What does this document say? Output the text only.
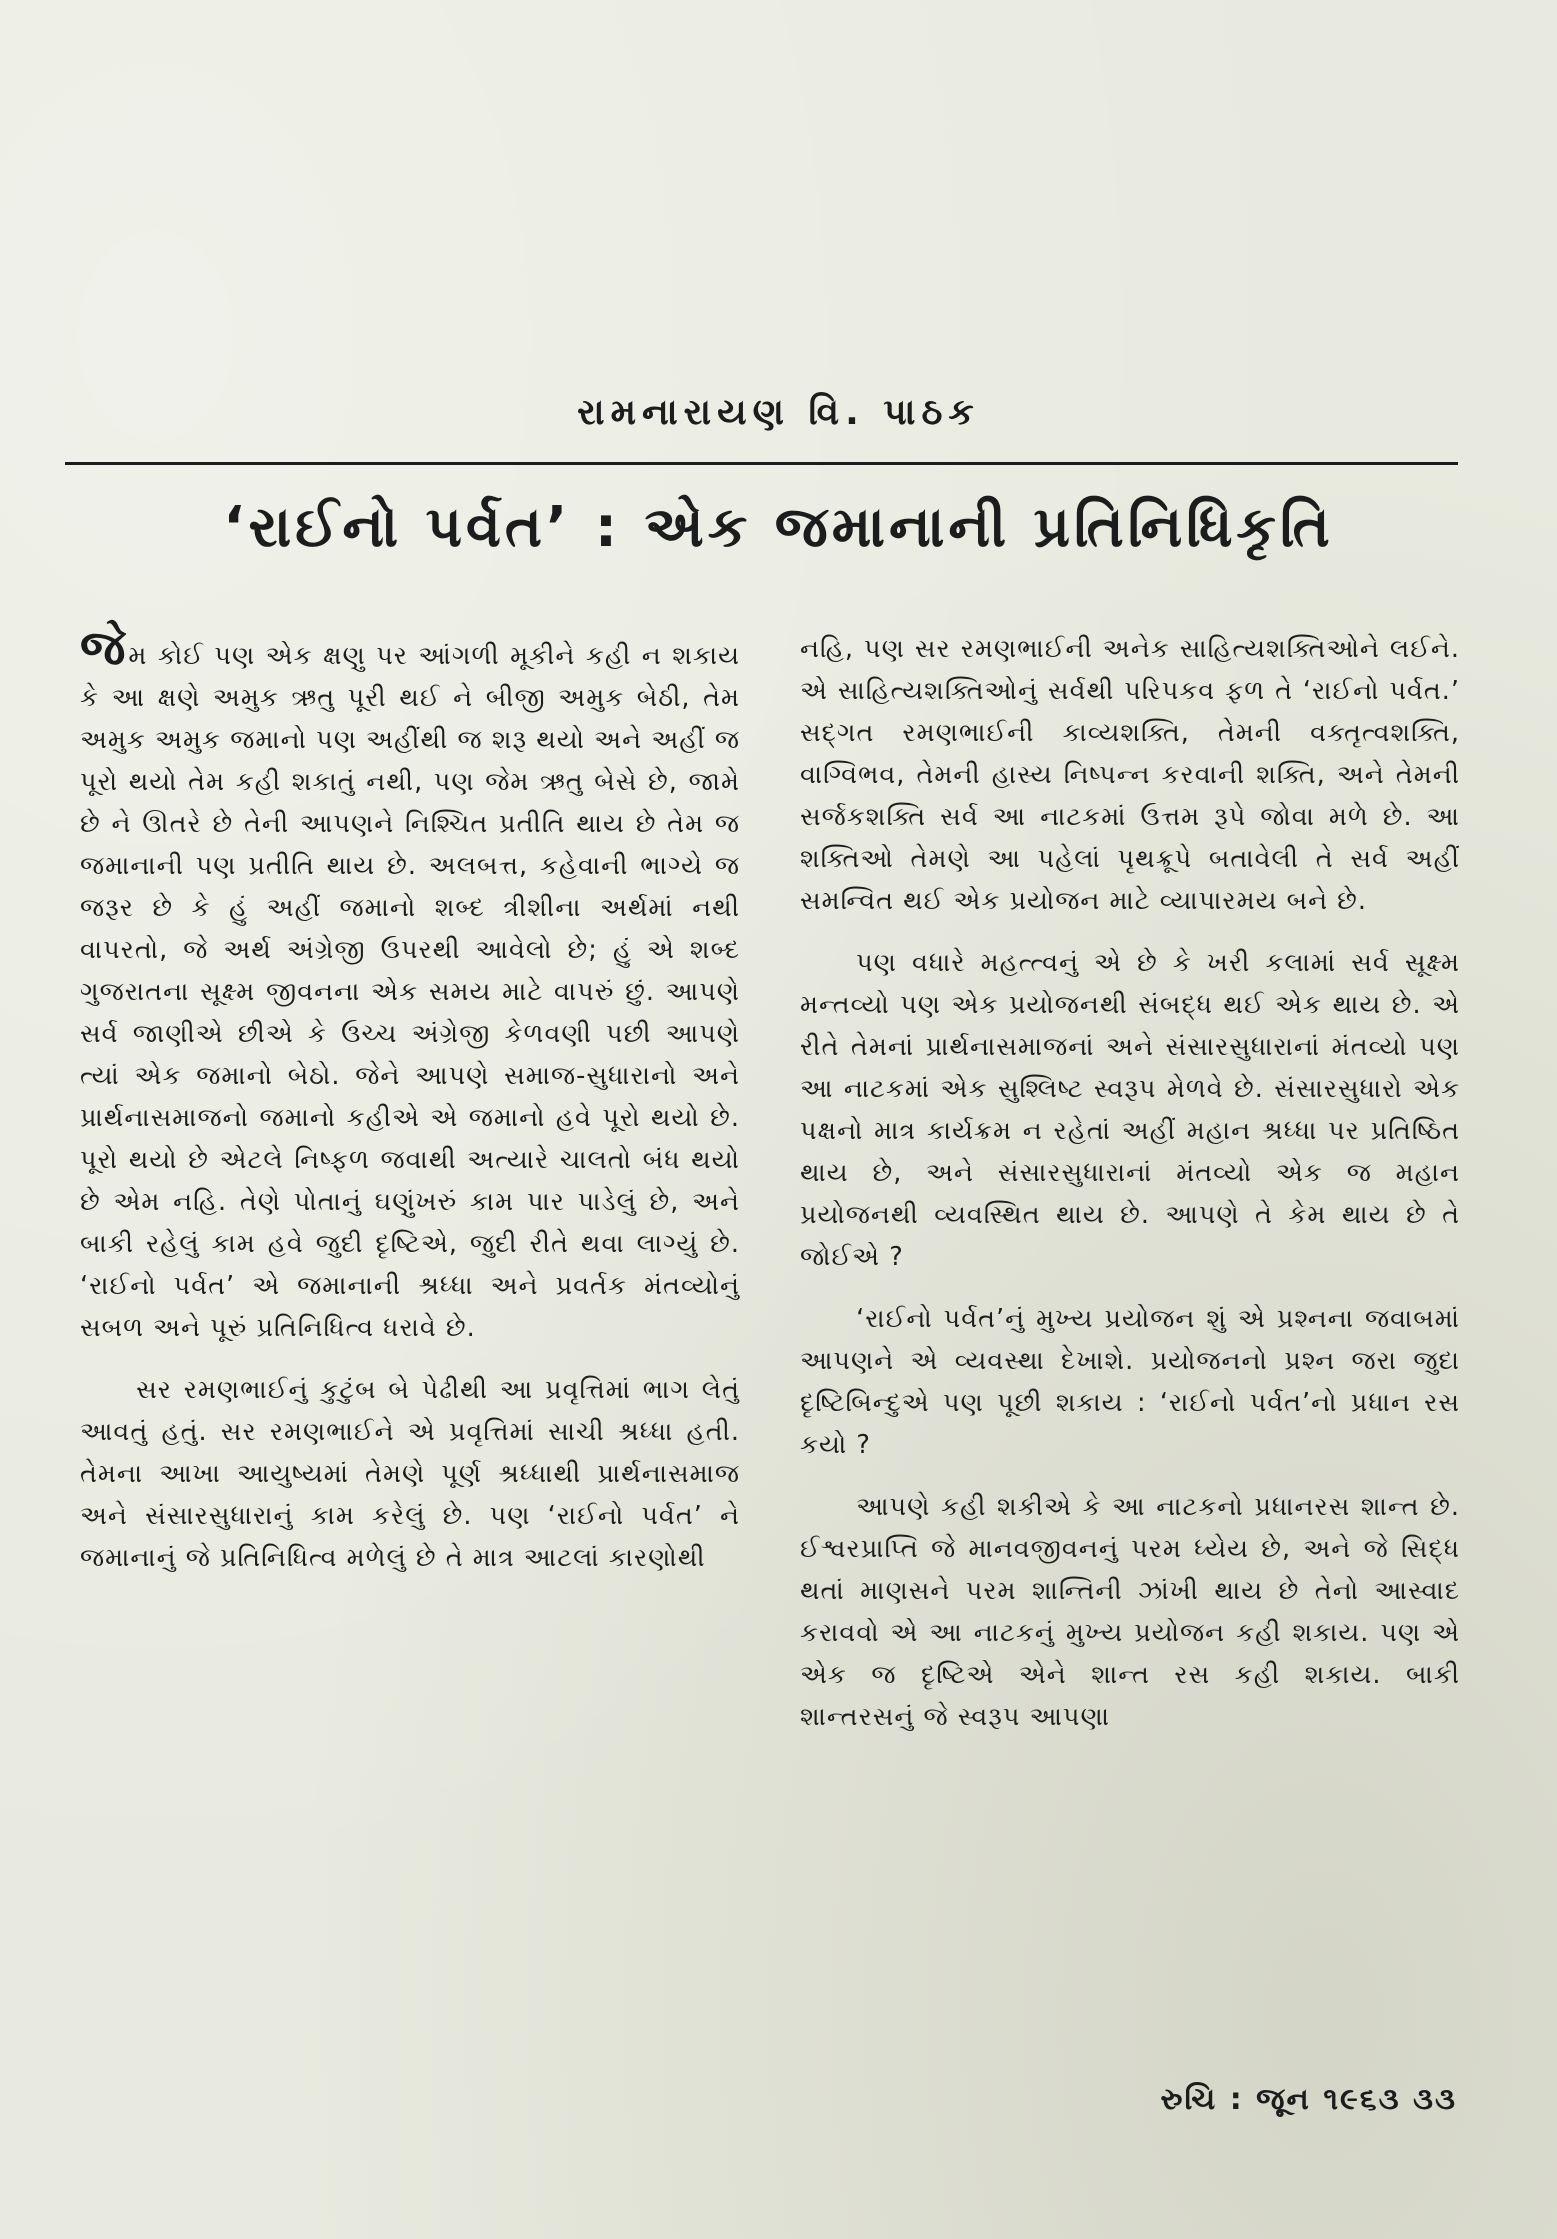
રામનારાયણ વિ. પાઠક
‘રાઈનો પર્વત’ : એક જમાનાની પ્રતિનિધિકૃતિ

જેમ કોઈ પણ એક ક્ષણુ પર આંગળી મૂકીને કહી ન શકાય કે આ ક્ષણે અમુક ઋતુ પૂરી થઈ ને બીજી અમુક બેઠી, તેમ અમુક અમુક જમાનો પણ અહીંથી જ શરૂ થયો અને અહીં જ પૂરો થયો તેમ કહી શકાતું નથી, પણ જેમ ઋતુ બેસે છે, જામે છે ને ઊતરે છે તેની આપણને નિશ્ચિત પ્રતીતિ થાય છે તેમ જ જમાનાની પણ પ્રતીતિ થાય છે. અલબત્ત, કહેવાની ભાગ્યે જ જરૂર છે કે હું અહીં જમાનો શબ્દ ત્રીશીના અર્થમાં નથી વાપરતો, જે અર્થ અંગ્રેજી ઉપરથી આવેલો છે; હું એ શબ્દ ગુજરાતના સૂક્ષ્મ જીવનના એક સમય માટે વાપરું છું. આપણે સર્વ જાણીએ છીએ કે ઉચ્ચ અંગ્રેજી કેળવણી પછી આપણે ત્યાં એક જમાનો બેઠો. જેને આપણે સમાજ-સુધારાનો અને પ્રાર્થનાસમાજનો જમાનો કહીએ એ જમાનો હવે પૂરો થયો છે. પૂરો થયો છે એટલે નિષ્ફળ જવાથી અત્યારે ચાલતો બંધ થયો છે એમ નહિ. તેણે પોતાનું ઘણુંખરું કામ પાર પાડેલું છે, અને બાકી રહેલું કામ હવે જુદી દૃષ્ટિએ, જુદી રીતે થવા લાગ્યું છે. ‘રાઈનો પર્વત’ એ જમાનાની શ્રધ્ધા અને પ્રવર્તક મંતવ્યોનું સબળ અને પૂરું પ્રતિનિધિત્વ ધરાવે છે.

સર રમણભાઈનું કુટુંબ બે પેઢીથી આ પ્રવૃત્તિમાં ભાગ લેતું આવતું હતું. સર રમણભાઈને એ પ્રવૃત્તિમાં સાચી શ્રધ્ધા હતી. તેમના આખા આયુષ્યમાં તેમણે પૂર્ણ શ્રધ્ધાથી પ્રાર્થનાસમાજ અને સંસારસુધારાનું કામ કરેલું છે. પણ ‘રાઈનો પર્વત’ ને જમાનાનું જે પ્રતિનિધિત્વ મળેલું છે તે માત્ર આટલાં કારણોથી

નહિ, પણ સર રમણભાઈની અનેક સાહિત્યશક્તિઓને લઈને. એ સાહિત્યશક્તિઓનું સર્વથી પરિપકવ ફળ તે ‘રાઈનો પર્વત.’ સદ્ગત રમણભાઈની કાવ્યશક્તિ, તેમની વક્તૃત્વશક્તિ, વાગ્વિભવ, તેમની હાસ્ય નિષ્પન્ન કરવાની શક્તિ, અને તેમની સર્જકશક્તિ સર્વ આ નાટકમાં ઉત્તમ રૂપે જોવા મળે છે. આ શક્તિઓ તેમણે આ પહેલાં પૃથક્રૂપે બતાવેલી તે સર્વ અહીં સમન્વિત થઈ એક પ્રયોજન માટે વ્યાપારમય બને છે.

પણ વધારે મહત્ત્વનું એ છે કે ખરી કલામાં સર્વ સૂક્ષ્મ મન્તવ્યો પણ એક પ્રયોજનથી સંબદ્ધ થઈ એક થાય છે. એ રીતે તેમનાં પ્રાર્થનાસમાજનાં અને સંસારસુધારાનાં મંતવ્યો પણ આ નાટકમાં એક સુશ્લિષ્ટ સ્વરૂપ મેળવે છે. સંસારસુધારો એક પક્ષનો માત્ર કાર્યક્રમ ન રહેતાં અહીં મહાન શ્રધ્ધા પર પ્રતિષ્ઠિત થાય છે, અને સંસારસુધારાનાં મંતવ્યો એક જ મહાન પ્રયોજનથી વ્યવસ્થિત થાય છે. આપણે તે કેમ થાય છે તે જોઈએ ?

‘રાઈનો પર્વત’નું મુખ્ય પ્રયોજન શું એ પ્રશ્નના જવાબમાં આપણને એ વ્યવસ્થા દેખાશે. પ્રયોજનનો પ્રશ્ન જરા જુદા દૃષ્ટિબિન્દુએ પણ પૂછી શકાય : ‘રાઈનો પર્વત’નો પ્રધાન રસ કયો ?

આપણે કહી શકીએ કે આ નાટકનો પ્રધાનરસ શાન્ત છે. ઈશ્વરપ્રાપ્તિ જે માનવજીવનનું પરમ ધ્યેય છે, અને જે સિદ્ધ થતાં માણસને પરમ શાન્તિની ઝાંખી થાય છે તેનો આસ્વાદ કરાવવો એ આ નાટકનું મુખ્ય પ્રયોજન કહી શકાય. પણ એ એક જ દૃષ્ટિએ એને શાન્ત રસ કહી શકાય. બાકી શાન્તરસનું જે સ્વરૂપ આપણા

રુચિ : જૂન ૧૯૬૩ ૩૩
